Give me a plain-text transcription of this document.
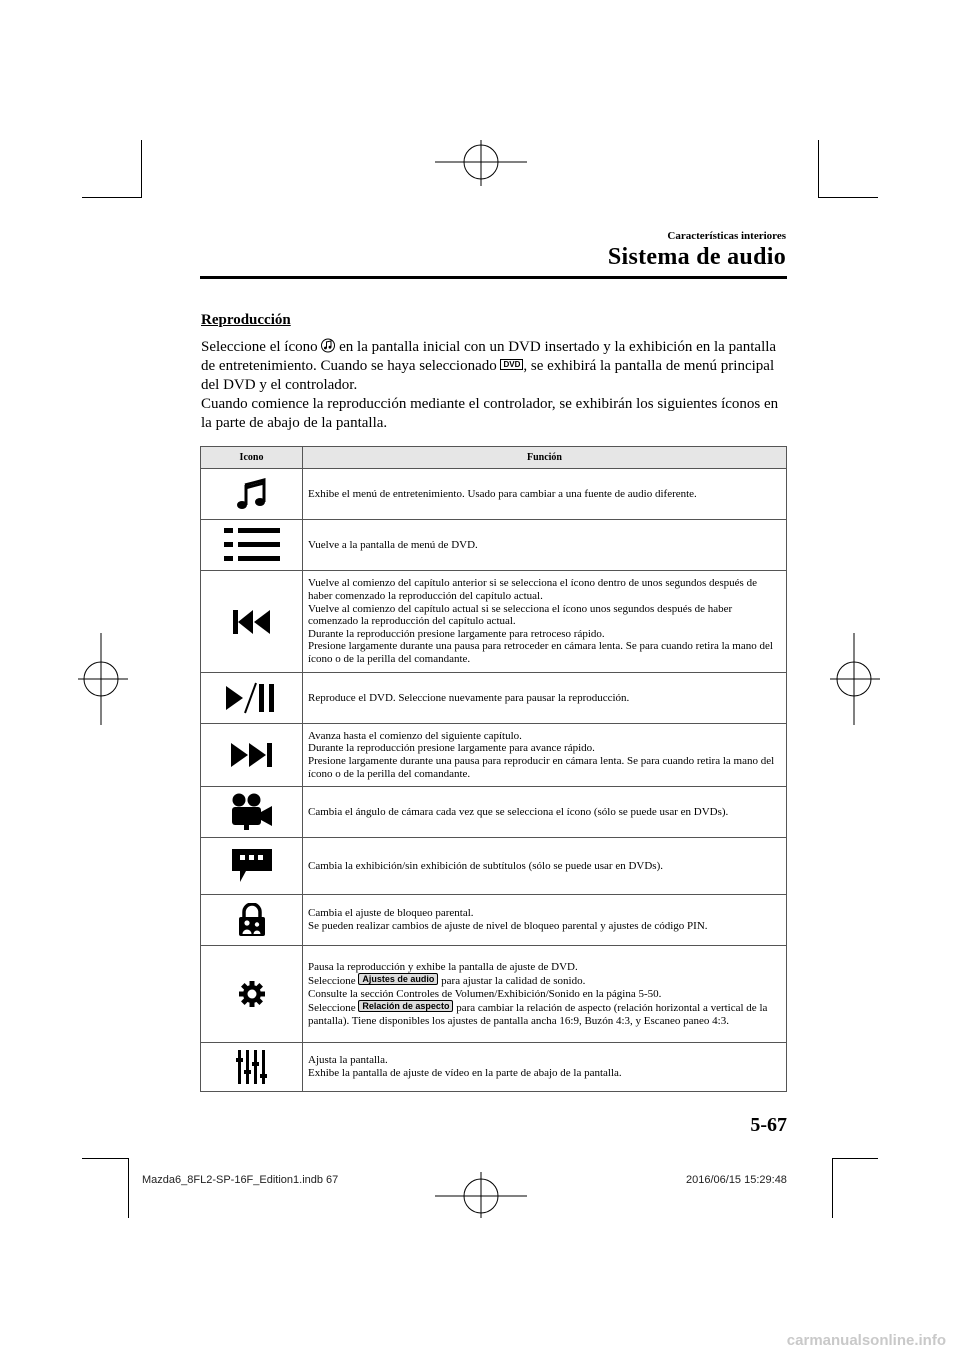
Características interiores
Sistema de audio
Reproducción
Seleccione el ícono en la pantalla inicial con un DVD insertado y la exhibición en la pantalla de entretenimiento. Cuando se haya seleccionado DVD , se exhibirá la pantalla de menú principal del DVD y el controlador.
Cuando comience la reproducción mediante el controlador, se exhibirán los siguientes íconos en la parte de abajo de la pantalla.
Icono	Función

Exhibe el menú de entretenimiento. Usado para cambiar a una fuente de audio diferente.

Vuelve a la pantalla de menú de DVD.

Vuelve al comienzo del capítulo anterior si se selecciona el ícono dentro de unos segundos después de haber comenzado la reproducción del capítulo actual.
Vuelve al comienzo del capítulo actual si se selecciona el ícono unos segundos después de haber comenzado la reproducción del capítulo actual.
Durante la reproducción presione largamente para retroceso rápido.
Presione largamente durante una pausa para retroceder en cámara lenta. Se para cuando retira la mano del ícono o de la perilla del comandante.

Reproduce el DVD. Seleccione nuevamente para pausar la reproducción.

Avanza hasta el comienzo del siguiente capítulo.
Durante la reproducción presione largamente para avance rápido.
Presione largamente durante una pausa para reproducir en cámara lenta. Se para cuando retira la mano del ícono o de la perilla del comandante.

Cambia el ángulo de cámara cada vez que se selecciona el ícono (sólo se puede usar en DVDs).

Cambia la exhibición/sin exhibición de subtítulos (sólo se puede usar en DVDs).

Cambia el ajuste de bloqueo parental.
Se pueden realizar cambios de ajuste de nivel de bloqueo parental y ajustes de código PIN.

Pausa la reproducción y exhibe la pantalla de ajuste de DVD.
Seleccione Ajustes de audio para ajustar la calidad de sonido.
Consulte la sección Controles de Volumen/Exhibición/Sonido en la página 5-50.
Seleccione Relación de aspecto para cambiar la relación de aspecto (relación horizontal a vertical de la pantalla). Tiene disponibles los ajustes de pantalla ancha 16:9, Buzón 4:3, y Escaneo paneo 4:3.

Ajusta la pantalla.
Exhibe la pantalla de ajuste de vídeo en la parte de abajo de la pantalla.
5-67
Mazda6_8FL2-SP-16F_Edition1.indb 67	2016/06/15 15:29:48
carmanualsonline.info
